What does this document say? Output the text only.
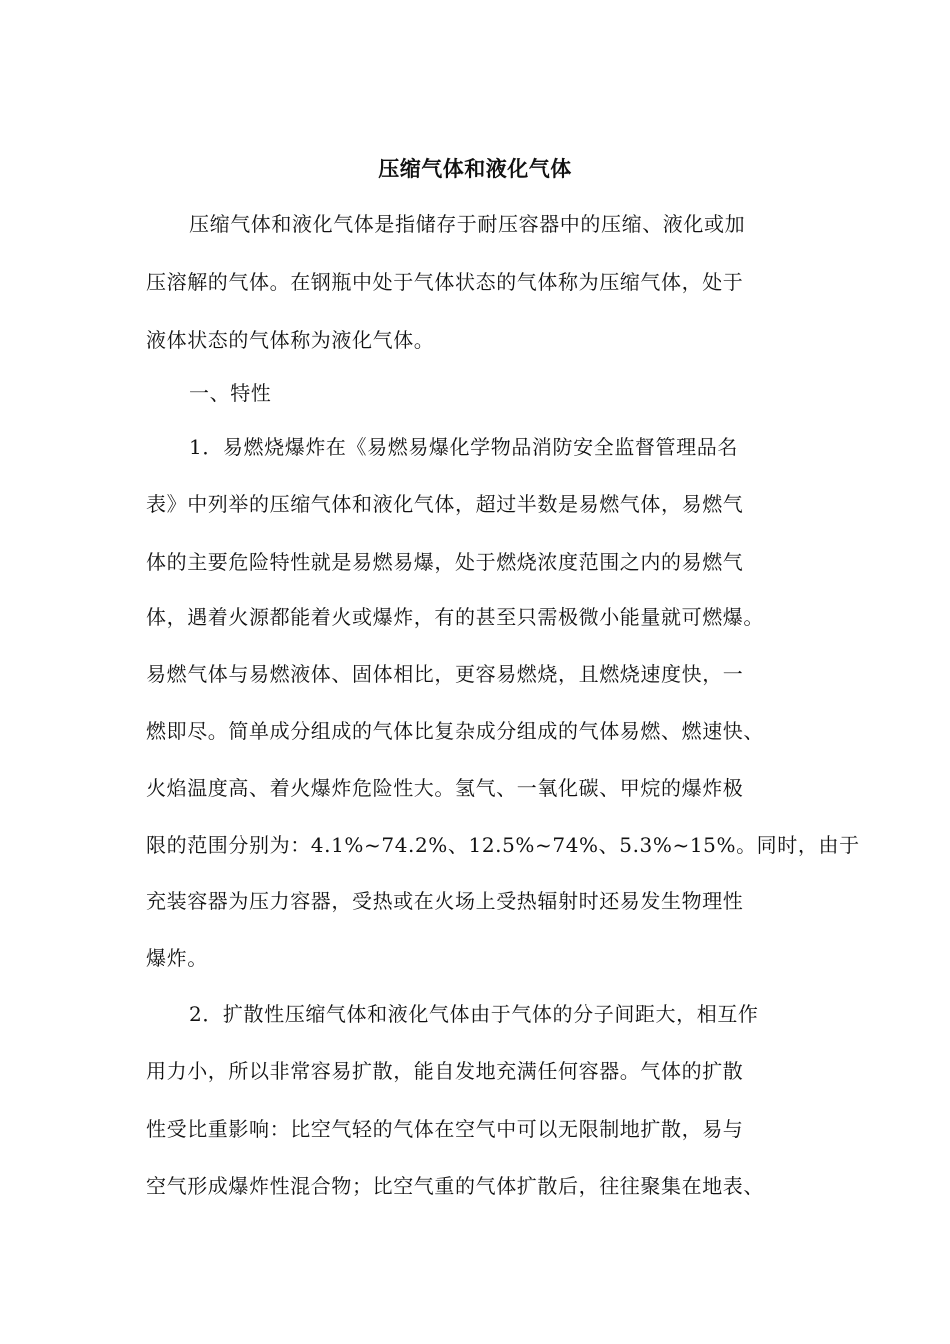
压缩气体和液化气体
压缩气体和液化气体是指储存于耐压容器中的压缩、液化或加
压溶解的气体。在钢瓶中处于气体状态的气体称为压缩气体，处于
液体状态的气体称为液化气体。
一、特性
1．易燃烧爆炸在《易燃易爆化学物品消防安全监督管理品名
表》中列举的压缩气体和液化气体，超过半数是易燃气体，易燃气
体的主要危险特性就是易燃易爆，处于燃烧浓度范围之内的易燃气
体，遇着火源都能着火或爆炸，有的甚至只需极微小能量就可燃爆。
易燃气体与易燃液体、固体相比，更容易燃烧，且燃烧速度快，一
燃即尽。简单成分组成的气体比复杂成分组成的气体易燃、燃速快、
火焰温度高、着火爆炸危险性大。氢气、一氧化碳、甲烷的爆炸极
限的范围分别为：4.1%~74.2%、12.5%~74%、5.3%~15%。同时，由于
充装容器为压力容器，受热或在火场上受热辐射时还易发生物理性
爆炸。
2．扩散性压缩气体和液化气体由于气体的分子间距大，相互作
用力小，所以非常容易扩散，能自发地充满任何容器。气体的扩散
性受比重影响：比空气轻的气体在空气中可以无限制地扩散，易与
空气形成爆炸性混合物；比空气重的气体扩散后，往往聚集在地表、
